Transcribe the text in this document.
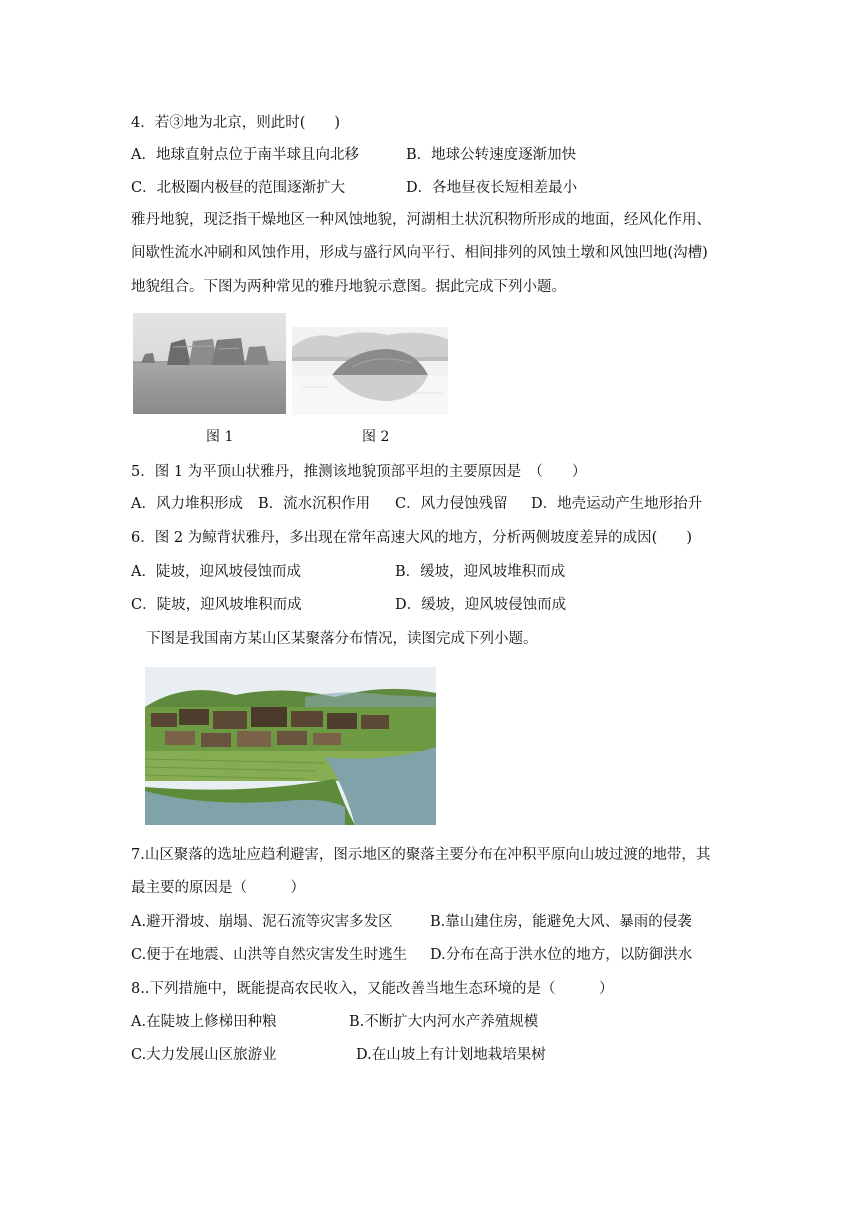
4．若③地为北京，则此时(　　)
A．地球直射点位于南半球且向北移	B．地球公转速度逐渐加快
C．北极圈内极昼的范围逐渐扩大	D．各地昼夜长短相差最小
雅丹地貌，现泛指干燥地区一种风蚀地貌，河湖相土状沉积物所形成的地面，经风化作用、
间歇性流水冲刷和风蚀作用，形成与盛行风向平行、相间排列的风蚀土墩和风蚀凹地(沟槽)
地貌组合。下图为两种常见的雅丹地貌示意图。据此完成下列小题。
图 1	图 2
5．图 1 为平顶山状雅丹，推测该地貌顶部平坦的主要原因是　（　　）
A．风力堆积形成 B．流水沉积作用 C．风力侵蚀残留 D．地壳运动产生地形抬升
6．图 2 为鲸背状雅丹，多出现在常年高速大风的地方，分析两侧坡度差异的成因(　　)
A．陡坡，迎风坡侵蚀而成	B．缓坡，迎风坡堆积而成
C．陡坡，迎风坡堆积而成	D．缓坡，迎风坡侵蚀而成
下图是我国南方某山区某聚落分布情况，读图完成下列小题。
7.山区聚落的选址应趋利避害，图示地区的聚落主要分布在冲积平原向山坡过渡的地带，其
最主要的原因是（　　　）
A.避开滑坡、崩塌、泥石流等灾害多发区	B.靠山建住房，能避免大风、暴雨的侵袭
C.便于在地震、山洪等自然灾害发生时逃生 D.分布在高于洪水位的地方，以防御洪水
8..下列措施中，既能提高农民收入，又能改善当地生态环境的是（　　　）
A.在陡坡上修梯田种粮	B.不断扩大内河水产养殖规模
C.大力发展山区旅游业	D.在山坡上有计划地栽培果树
